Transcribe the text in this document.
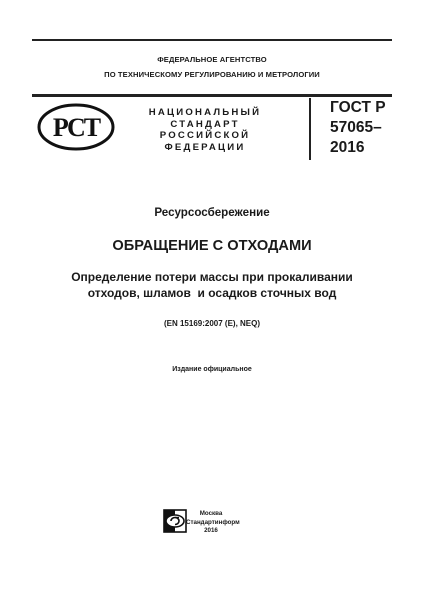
ФЕДЕРАЛЬНОЕ АГЕНТСТВО
ПО ТЕХНИЧЕСКОМУ РЕГУЛИРОВАНИЮ И МЕТРОЛОГИИ
РСТ
НАЦИОНАЛЬНЫЙ
СТАНДАРТ
РОССИЙСКОЙ
ФЕДЕРАЦИИ
ГОСТ Р
57065–
2016
Ресурсосбережение
ОБРАЩЕНИЕ С ОТХОДАМИ
Определение потери массы при прокаливании
отходов, шламов  и осадков сточных вод
(EN 15169:2007 (E), NEQ)
Издание официальное
Москва
Стандартинформ
2016
